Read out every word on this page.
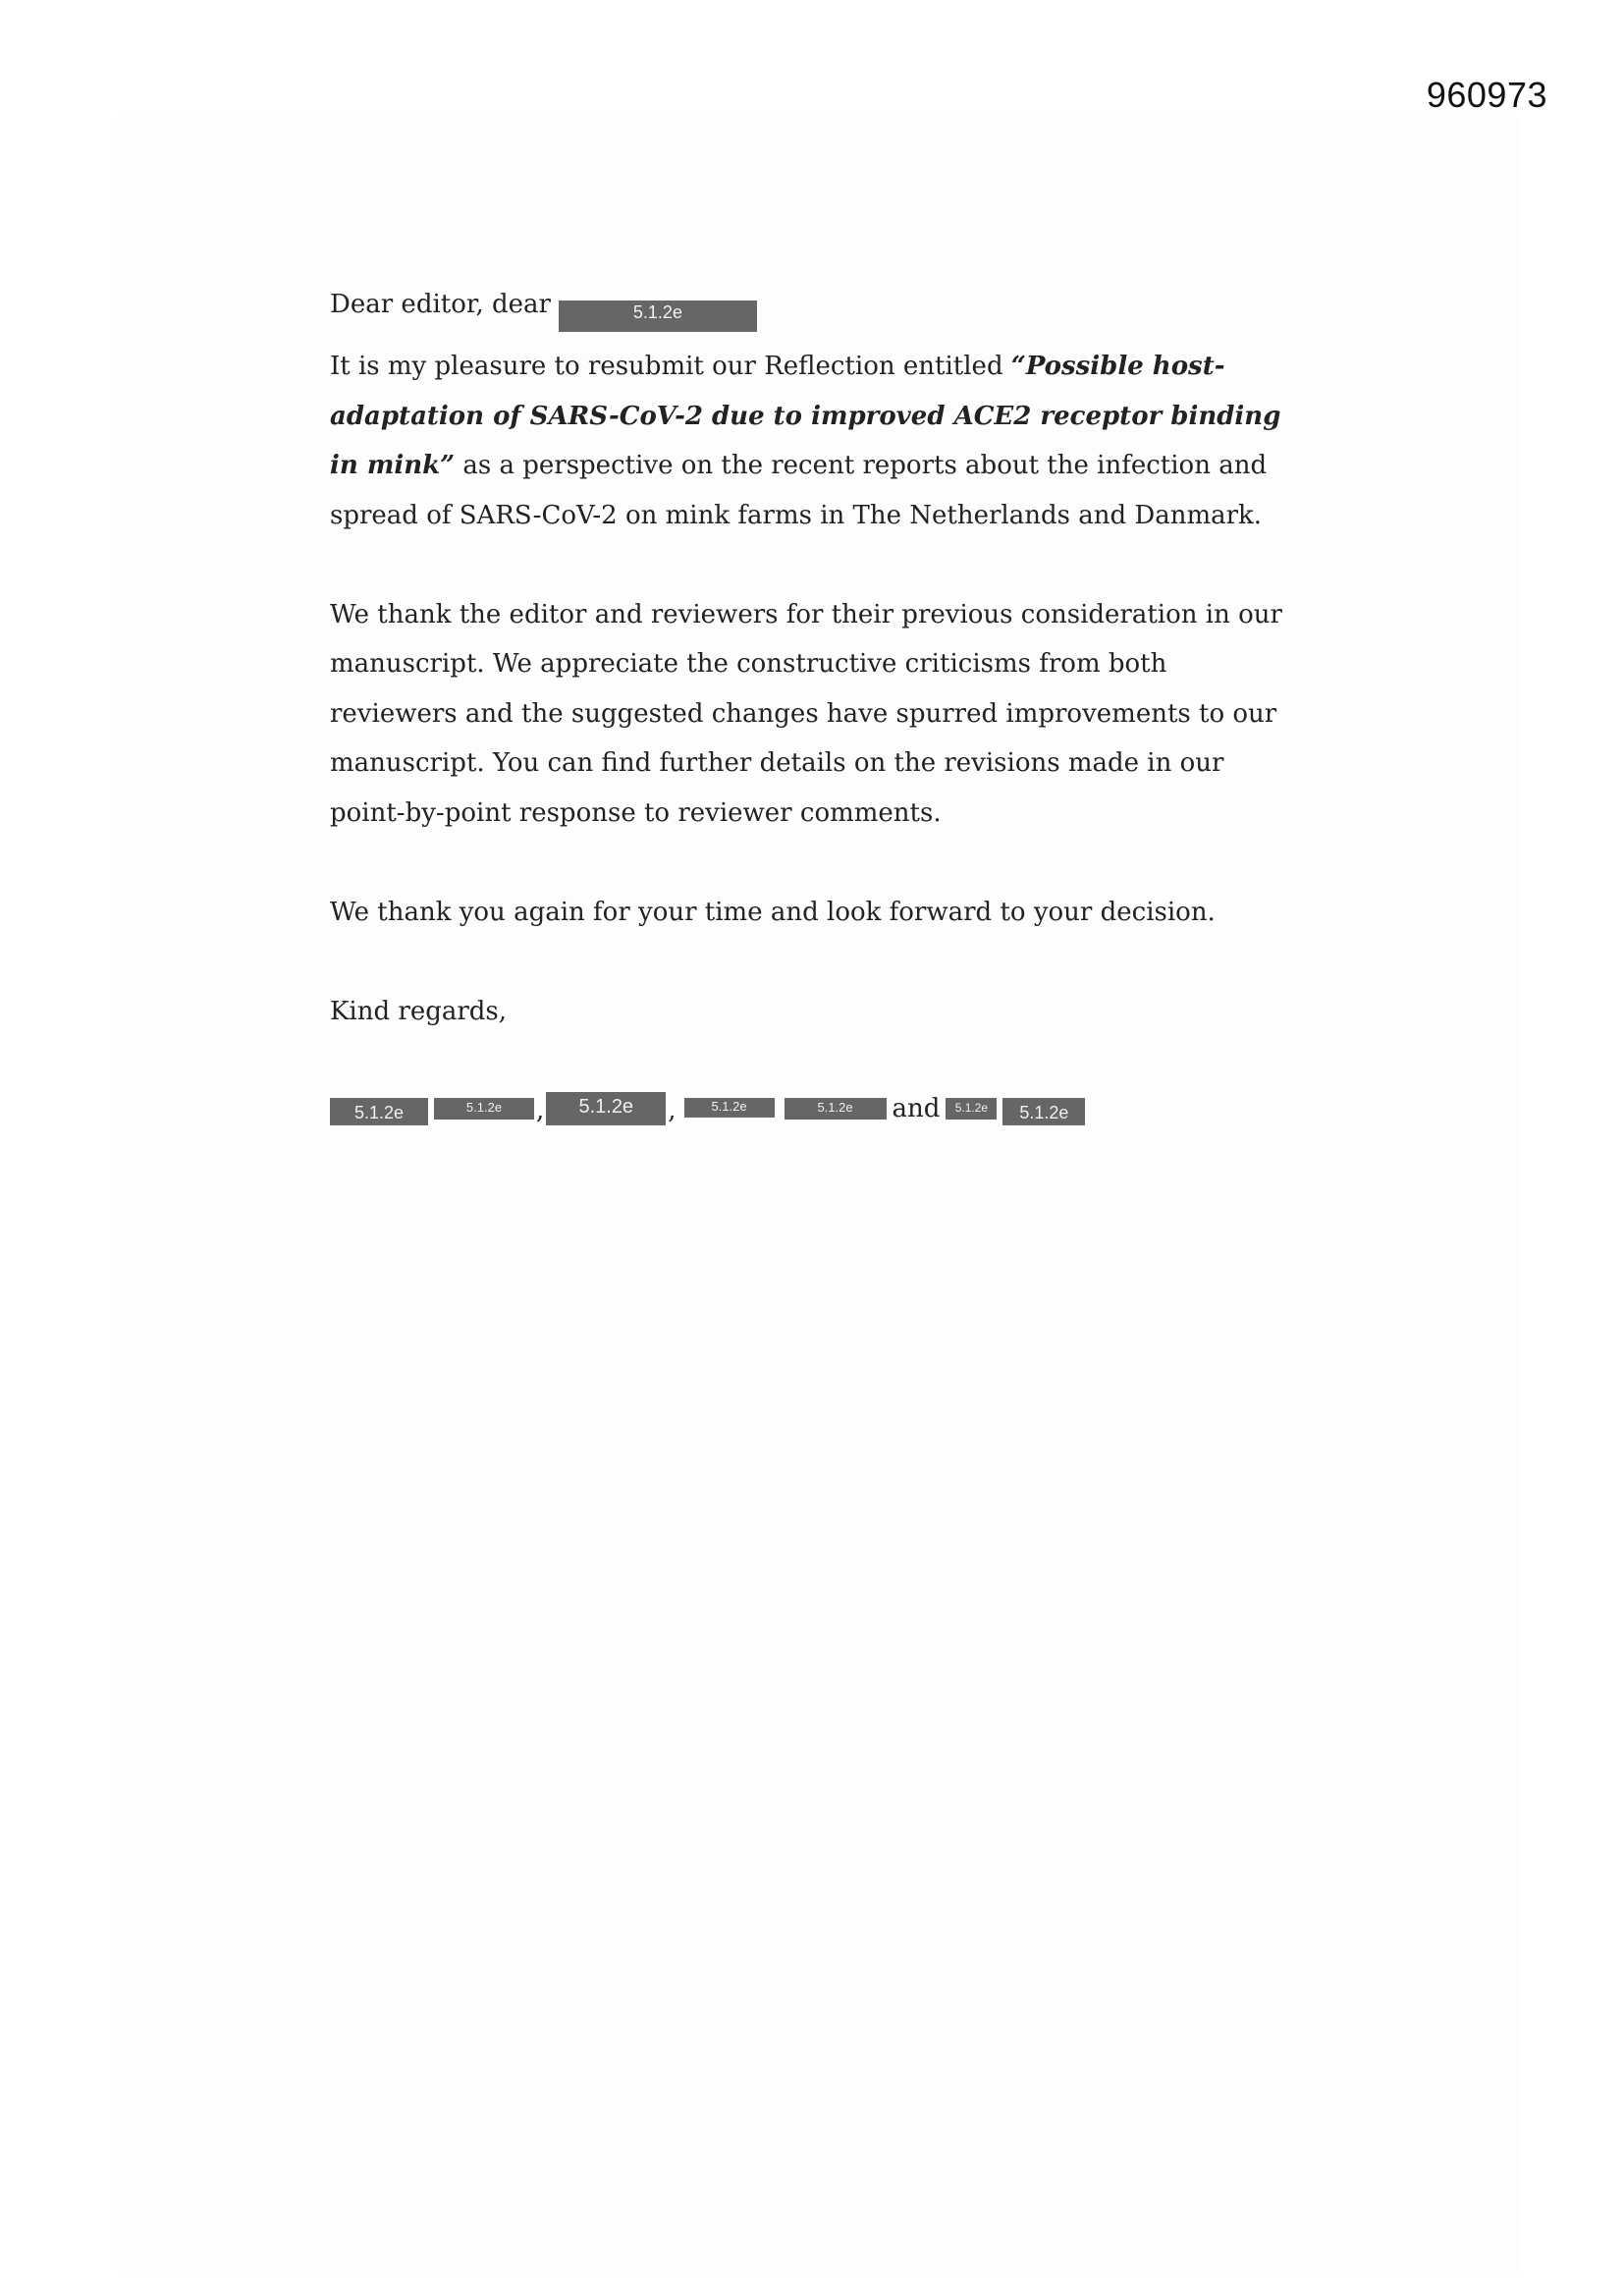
960973

Dear editor, dear	5.1.2e

It is my pleasure to resubmit our Reflection entitled “Possible host-adaptation of SARS-CoV-2 due to improved ACE2 receptor binding in mink” as a perspective on the recent reports about the infection and spread of SARS-CoV-2 on mink farms in The Netherlands and Danmark.

We thank the editor and reviewers for their previous consideration in our manuscript. We appreciate the constructive criticisms from both reviewers and the suggested changes have spurred improvements to our manuscript. You can find further details on the revisions made in our point-by-point response to reviewer comments.

We thank you again for your time and look forward to your decision.

Kind regards,

5.1.2e	5.1.2e	,	5.1.2e	,	5.1.2e	5.1.2e	and	5.1.2e	5.1.2e
